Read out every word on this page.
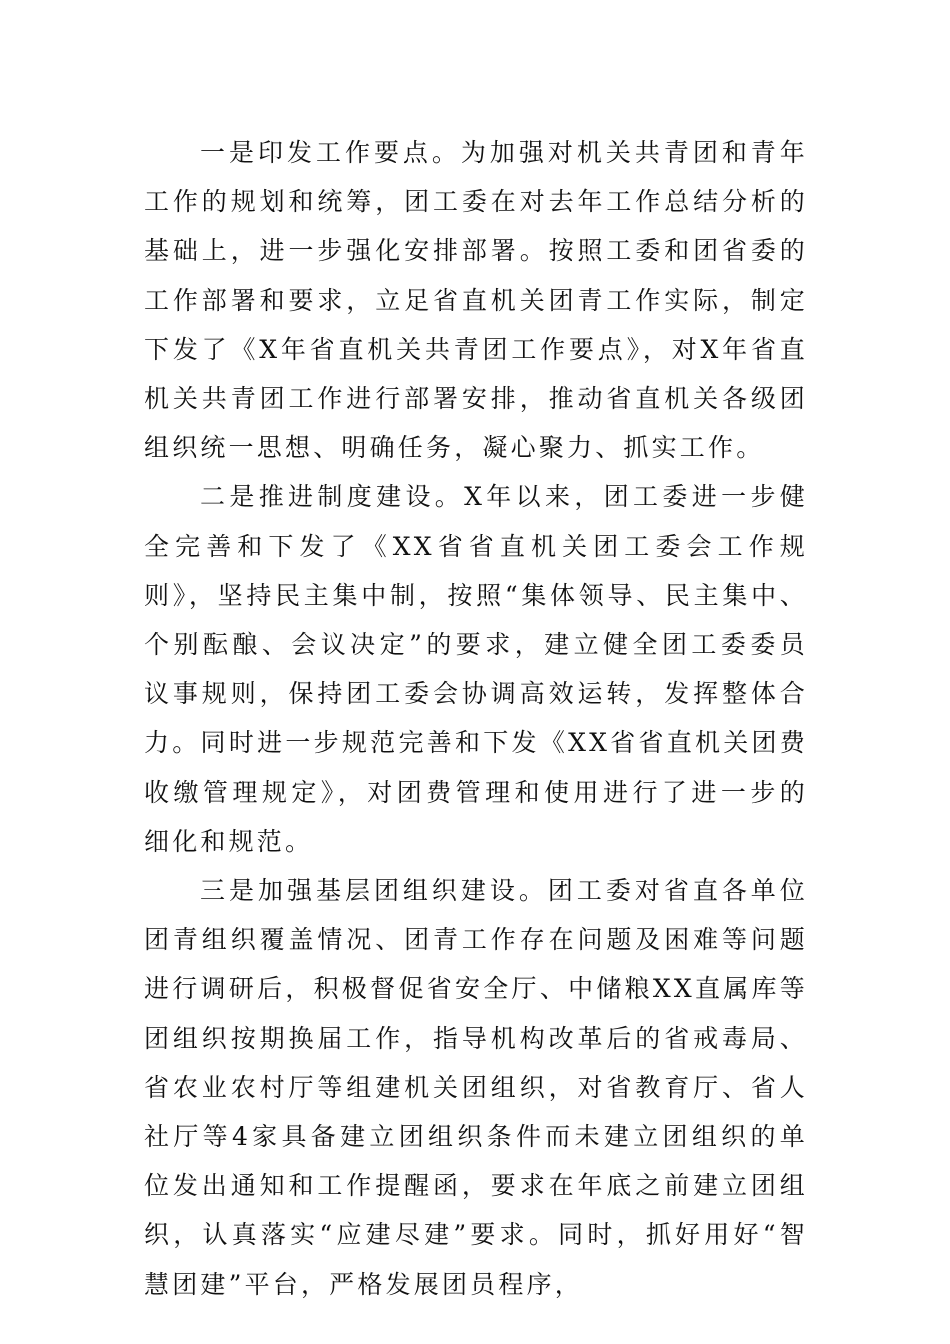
一是印发工作要点。为加强对机关共青团和青年工作的规划和统筹，团工委在对去年工作总结分析的基础上，进一步强化安排部署。按照工委和团省委的工作部署和要求，立足省直机关团青工作实际，制定下发了《X年省直机关共青团工作要点》，对X年省直机关共青团工作进行部署安排，推动省直机关各级团组织统一思想、明确任务，凝心聚力、抓实工作。

二是推进制度建设。X年以来，团工委进一步健全完善和下发了《XX省省直机关团工委会工作规则》，坚持民主集中制，按照“集体领导、民主集中、个别酝酿、会议决定”的要求，建立健全团工委委员议事规则，保持团工委会协调高效运转，发挥整体合力。同时进一步规范完善和下发《XX省省直机关团费收缴管理规定》，对团费管理和使用进行了进一步的细化和规范。

三是加强基层团组织建设。团工委对省直各单位团青组织覆盖情况、团青工作存在问题及困难等问题进行调研后，积极督促省安全厅、中储粮XX直属库等团组织按期换届工作，指导机构改革后的省戒毒局、省农业农村厅等组建机关团组织，对省教育厅、省人社厅等4家具备建立团组织条件而未建立团组织的单位发出通知和工作提醒函，要求在年底之前建立团组织，认真落实“应建尽建”要求。同时，抓好用好“智慧团建”平台，严格发展团员程序，
